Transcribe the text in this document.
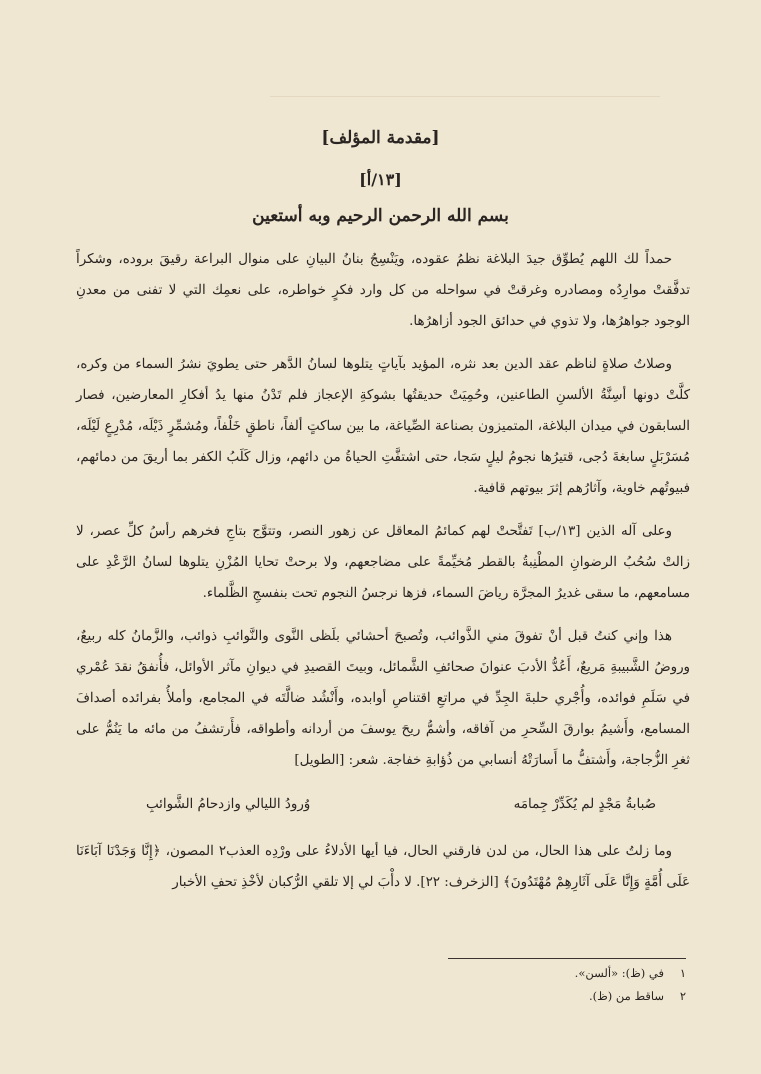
[مقدمة المؤلف]
[١٣/أ]
بسم الله الرحمن الرحيم وبه أستعين

حمداً لك اللهم يُطوِّق جيدَ البلاغة نظمُ عقوده، ويَنْسِجُ بنانُ البيانِ على منوال البراعة رقيقَ بروده، وشكراً تدفَّقتْ موارِدُه ومصادره وغرقتْ في سواحله من كل وارد فكرٍ خواطره، على نعمِك التي لا تفنى من معدنِ الوجود جواهرُها، ولا تذوي في حدائق الجود أزاهرُها.

وصلاتُ صلاةٍ لناظم عقد الدين بعد نثره، المؤيد بآياتٍ يتلوها لسانُ الدَّهر حتى يطويَ نشرُ السماء من وكره، كلَّتْ دونها أسِنَّةُ الألسنِ الطاعنين، وحُمِيَتْ حديقتُها بشوكةِ الإعجاز فلم تَدْنُ منها يدُ أفكارِ المعارضين، فصار السابقون في ميدان البلاغة، المتميزون بصناعة الصِّياغة، ما بين ساكتٍ ألفاً، ناطقٍ خَلْفاً، ومُشمِّرٍ ذَيْلَه، مُدْرِعٍ لَيْلَه، مُسَرْبَلٍ سابغةَ دُجى، قتيرُها نجومُ ليلٍ سَجا، حتى اشتفَّتِ الحياةُ من دائهم، وزال كَلَبُ الكفر بما أريقَ من دمائهم، فبيوتُهم خاوية، وآثارُهم إثرَ بيوتهم قافية.

وعلى آله الذين [١٣/ب] تَفتَّحتْ لهم كمائمُ المعاقل عن زهور النصر، وتتوَّج بتاجِ فخرهم رأسُ كلِّ عصر، لا زالتْ سُحُبُ الرضوانِ المطْنِبةُ بالقطر مُخيِّمةً على مضاجعهم، ولا برحتْ تحايا المُزْنِ يتلوها لسانُ الرَّعْدِ على مسامعهم، ما سقى غديرُ المجرَّة رياضَ السماء، فزها نرجسُ النجوم تحت بنفسجِ الظَّلماء.

هذا وإني كنتُ قبل أنْ تفوقَ مني الذَّوائب، وتُصبحَ أحشائي بلَظى النَّوى والنَّوائبِ ذوائب، والزَّمانُ كله ربيعٌ، وروضُ الشَّبيبةِ مَريعٌ، أَعُدُّ الأدبَ عنوانَ صحائفِ الشَّمائل، وبيتَ القصيدِ في ديوانِ مآثر الأوائل، فأُنفقُ نقدَ عُمْري في سَلَمِ فوائده، وأُجْري حلبةَ الجِدِّ في مراتعِ اقتناصِ أوابده، وأَنْشُد ضالَّتَه في المجامع، وأملأُ بفرائده أصدافَ المسامع، وأَشيمُ بوارقَ السِّحرِ من آفاقه، وأشمُّ ريحَ يوسفَ من أردانه وأطواقه، فأَرتشفُ من مائه ما يَنُمُّ على ثغرِ الزُّجاجة، وأَشتفُّ ما أَسارَتْهُ أنسابي من ذُؤابةِ خفاجة. شعر: [الطويل]

صُبابةُ مَجْدٍ لم يُكَدِّرْ جِمامَه
وُرودُ الليالي وازدحامُ الشَّوائبِ

وما زلتُ على هذا الحال، من لدن فارقني الحال، فيا أيها الأدلاءُ على ورْدِه العذب٢ المصون، ﴿إِنَّا وَجَدْنَا آبَاءَنَا عَلَى أُمَّةٍ وَإِنَّا عَلَى آثَارِهِمْ مُهْتَدُونَ﴾ [الزخرف: ٢٢]. لا دأْبَ لي إلا تلقي الرُّكبان لأخْذِ تحفِ الأخبار

١
في (ظ): «ألسن».
٢
ساقط من (ظ).
